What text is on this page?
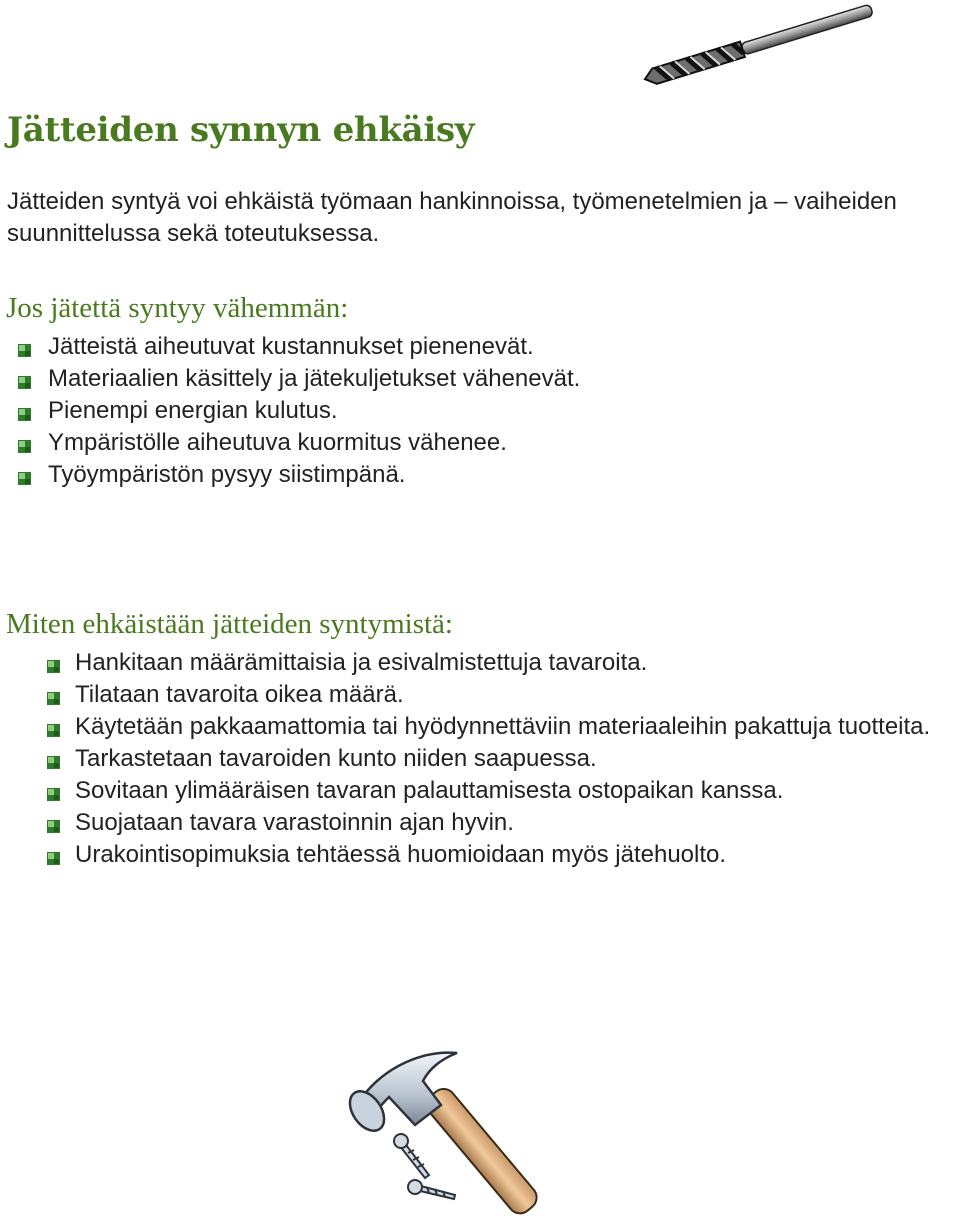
Jätteiden synnyn ehkäisy

Jätteiden syntyä voi ehkäistä työmaan hankinnoissa, työmenetelmien ja – vaiheiden suunnittelussa sekä toteutuksessa.

Jos jätettä syntyy vähemmän:
Jätteistä aiheutuvat kustannukset pienenevät.
Materiaalien käsittely ja jätekuljetukset vähenevät.
Pienempi energian kulutus.
Ympäristölle aiheutuva kuormitus vähenee.
Työympäristön pysyy siistimpänä.
Miten ehkäistään jätteiden syntymistä:
Hankitaan määrämittaisia ja esivalmistettuja tavaroita.
Tilataan tavaroita oikea määrä.
Käytetään pakkaamattomia tai hyödynnettäviin materiaaleihin pakattuja tuotteita.
Tarkastetaan tavaroiden kunto niiden saapuessa.
Sovitaan ylimääräisen tavaran palauttamisesta ostopaikan kanssa.
Suojataan tavara varastoinnin ajan hyvin.
Urakointisopimuksia tehtäessä huomioidaan myös jätehuolto.
